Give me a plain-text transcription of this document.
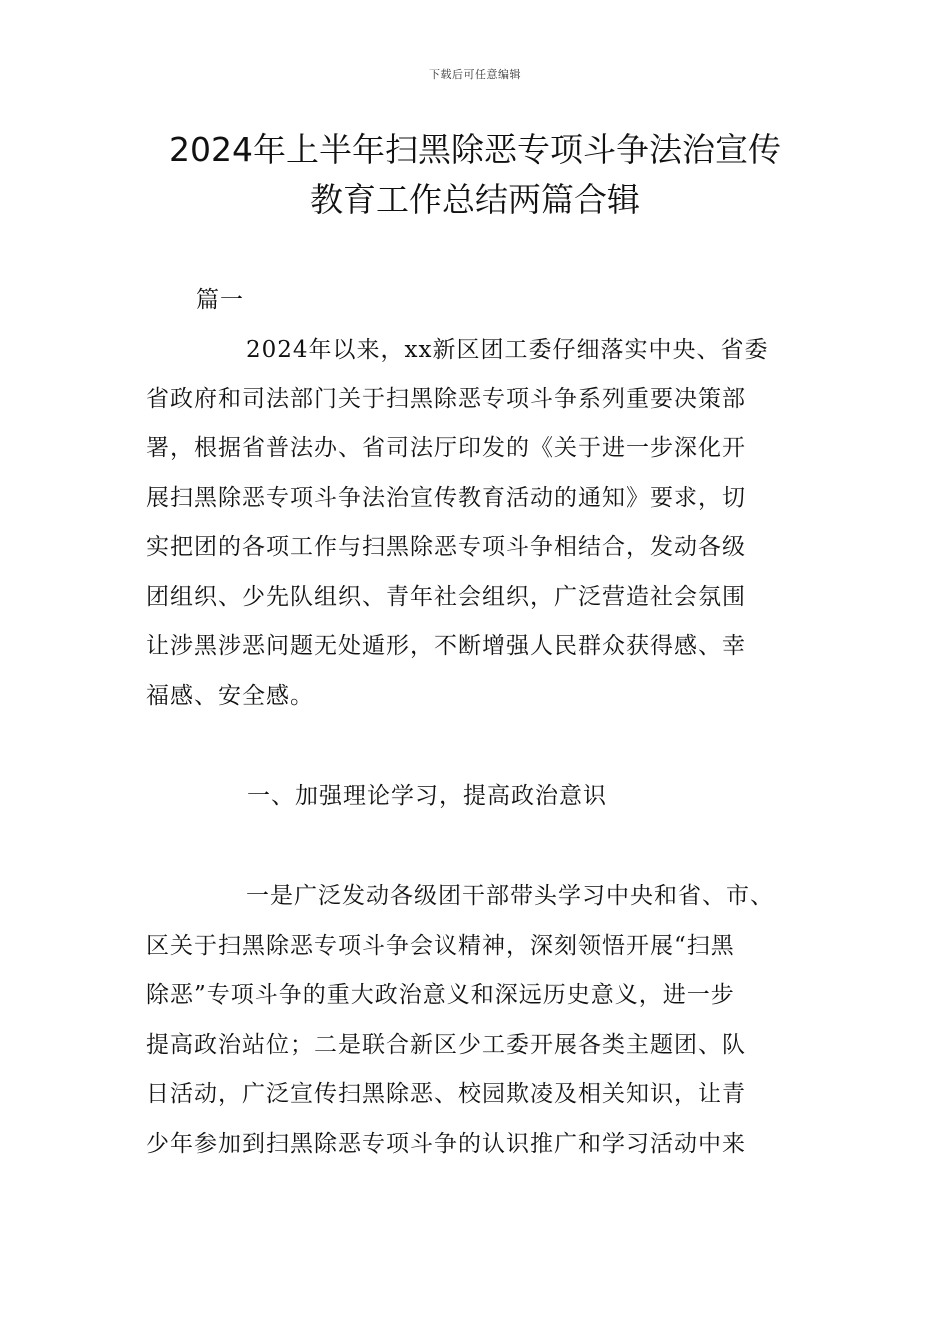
下载后可任意编辑
2024年上半年扫黑除恶专项斗争法治宣传
教育工作总结两篇合辑
篇一
2024年以来，xx新区团工委仔细落实中央、省委
省政府和司法部门关于扫黑除恶专项斗争系列重要决策部
署，根据省普法办、省司法厅印发的《关于进一步深化开
展扫黑除恶专项斗争法治宣传教育活动的通知》要求，切
实把团的各项工作与扫黑除恶专项斗争相结合，发动各级
团组织、少先队组织、青年社会组织，广泛营造社会氛围
让涉黑涉恶问题无处遁形，不断增强人民群众获得感、幸
福感、安全感。
一、加强理论学习，提高政治意识
一是广泛发动各级团干部带头学习中央和省、市、
区关于扫黑除恶专项斗争会议精神，深刻领悟开展“扫黑
除恶”专项斗争的重大政治意义和深远历史意义，进一步
提高政治站位；二是联合新区少工委开展各类主题团、队
日活动，广泛宣传扫黑除恶、校园欺凌及相关知识，让青
少年参加到扫黑除恶专项斗争的认识推广和学习活动中来
